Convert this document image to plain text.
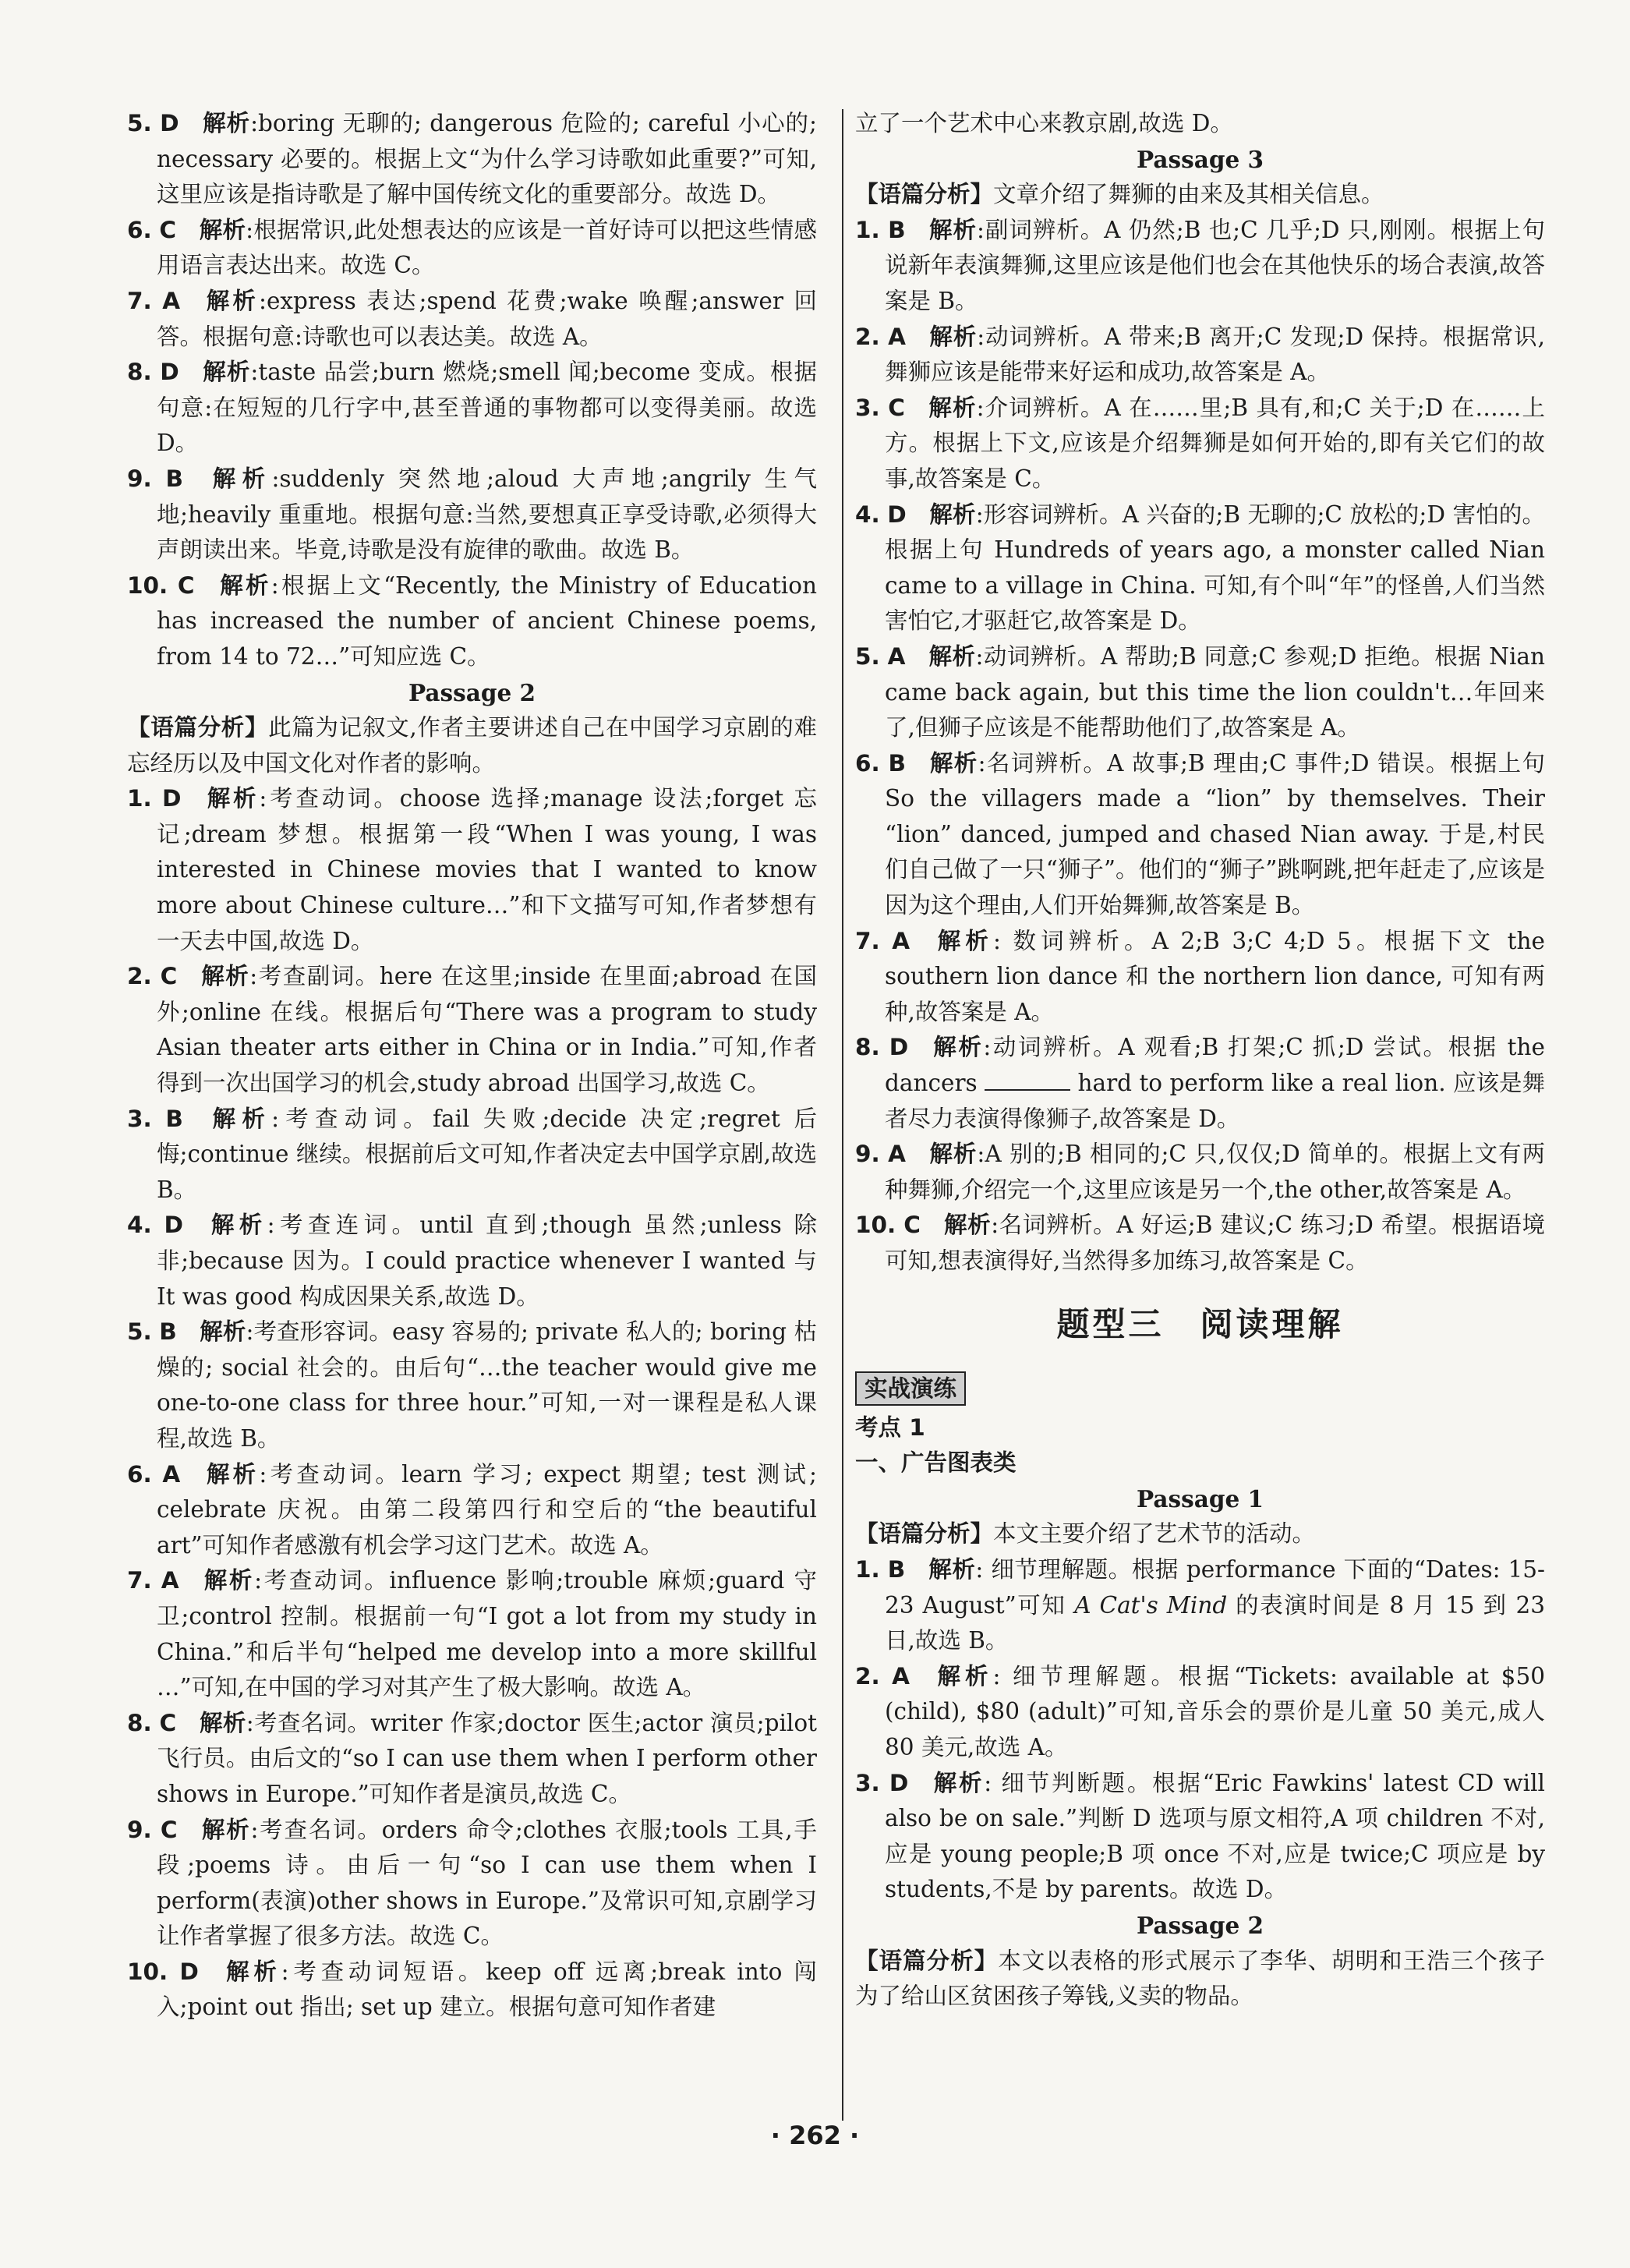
5. D  解析:boring 无聊的; dangerous 危险的; careful 小心的; necessary 必要的。根据上文“为什么学习诗歌如此重要?”可知,这里应该是指诗歌是了解中国传统文化的重要部分。故选 D。

6. C  解析:根据常识,此处想表达的应该是一首好诗可以把这些情感用语言表达出来。故选 C。

7. A  解析:express 表达;spend 花费;wake 唤醒;answer 回答。根据句意:诗歌也可以表达美。故选 A。

8. D  解析:taste 品尝;burn 燃烧;smell 闻;become 变成。根据句意:在短短的几行字中,甚至普通的事物都可以变得美丽。故选 D。

9. B  解析:suddenly 突然地;aloud 大声地;angrily 生气地;heavily 重重地。根据句意:当然,要想真正享受诗歌,必须得大声朗读出来。毕竟,诗歌是没有旋律的歌曲。故选 B。

10. C  解析:根据上文“Recently, the Ministry of Education has increased the number of ancient Chinese poems, from 14 to 72…”可知应选 C。

Passage 2

【语篇分析】此篇为记叙文,作者主要讲述自己在中国学习京剧的难忘经历以及中国文化对作者的影响。

1. D  解析:考查动词。choose 选择;manage 设法;forget 忘记;dream 梦想。根据第一段“When I was young, I was interested in Chinese movies that I wanted to know more about Chinese culture…”和下文描写可知,作者梦想有一天去中国,故选 D。

2. C  解析:考查副词。here 在这里;inside 在里面;abroad 在国外;online 在线。根据后句“There was a program to study Asian theater arts either in China or in India.”可知,作者得到一次出国学习的机会,study abroad 出国学习,故选 C。

3. B  解析:考查动词。fail 失败;decide 决定;regret 后悔;continue 继续。根据前后文可知,作者决定去中国学京剧,故选 B。

4. D  解析:考查连词。until 直到;though 虽然;unless 除非;because 因为。I could practice whenever I wanted 与 It was good 构成因果关系,故选 D。

5. B  解析:考查形容词。easy 容易的; private 私人的; boring 枯燥的; social 社会的。由后句“…the teacher would give me one-to-one class for three hour.”可知,一对一课程是私人课程,故选 B。

6. A  解析:考查动词。learn 学习; expect 期望; test 测试; celebrate 庆祝。由第二段第四行和空后的“the beautiful art”可知作者感激有机会学习这门艺术。故选 A。

7. A  解析:考查动词。influence 影响;trouble 麻烦;guard 守卫;control 控制。根据前一句“I got a lot from my study in China.”和后半句“helped me develop into a more skillful …”可知,在中国的学习对其产生了极大影响。故选 A。

8. C  解析:考查名词。writer 作家;doctor 医生;actor 演员;pilot 飞行员。由后文的“so I can use them when I perform other shows in Europe.”可知作者是演员,故选 C。

9. C  解析:考查名词。orders 命令;clothes 衣服;tools 工具,手段;poems 诗。由后一句“so I can use them when I perform(表演)other shows in Europe.”及常识可知,京剧学习让作者掌握了很多方法。故选 C。

10. D  解析:考查动词短语。keep off 远离;break into 闯入;point out 指出; set up 建立。根据句意可知作者建

立了一个艺术中心来教京剧,故选 D。

Passage 3

【语篇分析】文章介绍了舞狮的由来及其相关信息。

1. B  解析:副词辨析。A 仍然;B 也;C 几乎;D 只,刚刚。根据上句说新年表演舞狮,这里应该是他们也会在其他快乐的场合表演,故答案是 B。

2. A  解析:动词辨析。A 带来;B 离开;C 发现;D 保持。根据常识,舞狮应该是能带来好运和成功,故答案是 A。

3. C  解析:介词辨析。A 在……里;B 具有,和;C 关于;D 在……上方。根据上下文,应该是介绍舞狮是如何开始的,即有关它们的故事,故答案是 C。

4. D  解析:形容词辨析。A 兴奋的;B 无聊的;C 放松的;D 害怕的。根据上句 Hundreds of years ago, a monster called Nian came to a village in China. 可知,有个叫“年”的怪兽,人们当然害怕它,才驱赶它,故答案是 D。

5. A  解析:动词辨析。A 帮助;B 同意;C 参观;D 拒绝。根据 Nian came back again, but this time the lion couldn't…年回来了,但狮子应该是不能帮助他们了,故答案是 A。

6. B  解析:名词辨析。A 故事;B 理由;C 事件;D 错误。根据上句 So the villagers made a “lion” by themselves. Their “lion” danced, jumped and chased Nian away. 于是,村民们自己做了一只“狮子”。他们的“狮子”跳啊跳,把年赶走了,应该是因为这个理由,人们开始舞狮,故答案是 B。

7. A  解析: 数词辨析。A 2;B 3;C 4;D 5。根据下文 the southern lion dance 和 the northern lion dance, 可知有两种,故答案是 A。

8. D  解析:动词辨析。A 观看;B 打架;C 抓;D 尝试。根据 the dancers	hard to perform like a real lion. 应该是舞者尽力表演得像狮子,故答案是 D。

9. A  解析:A 别的;B 相同的;C 只,仅仅;D 简单的。根据上文有两种舞狮,介绍完一个,这里应该是另一个,the other,故答案是 A。

10. C  解析:名词辨析。A 好运;B 建议;C 练习;D 希望。根据语境可知,想表演得好,当然得多加练习,故答案是 C。

题型三　阅读理解
实战演练

考点 1

一、广告图表类

Passage 1

【语篇分析】本文主要介绍了艺术节的活动。

1. B  解析: 细节理解题。根据 performance 下面的“Dates: 15-23 August”可知 A Cat's Mind 的表演时间是 8 月 15 到 23 日,故选 B。

2. A  解析: 细节理解题。根据“Tickets: available at $50 (child), $80 (adult)”可知,音乐会的票价是儿童 50 美元,成人 80 美元,故选 A。

3. D  解析: 细节判断题。根据“Eric Fawkins' latest CD will also be on sale.”判断 D 选项与原文相符,A 项 children 不对,应是 young people;B 项 once 不对,应是 twice;C 项应是 by students,不是 by parents。故选 D。

Passage 2

【语篇分析】本文以表格的形式展示了李华、胡明和王浩三个孩子为了给山区贫困孩子筹钱,义卖的物品。

· 262 ·
